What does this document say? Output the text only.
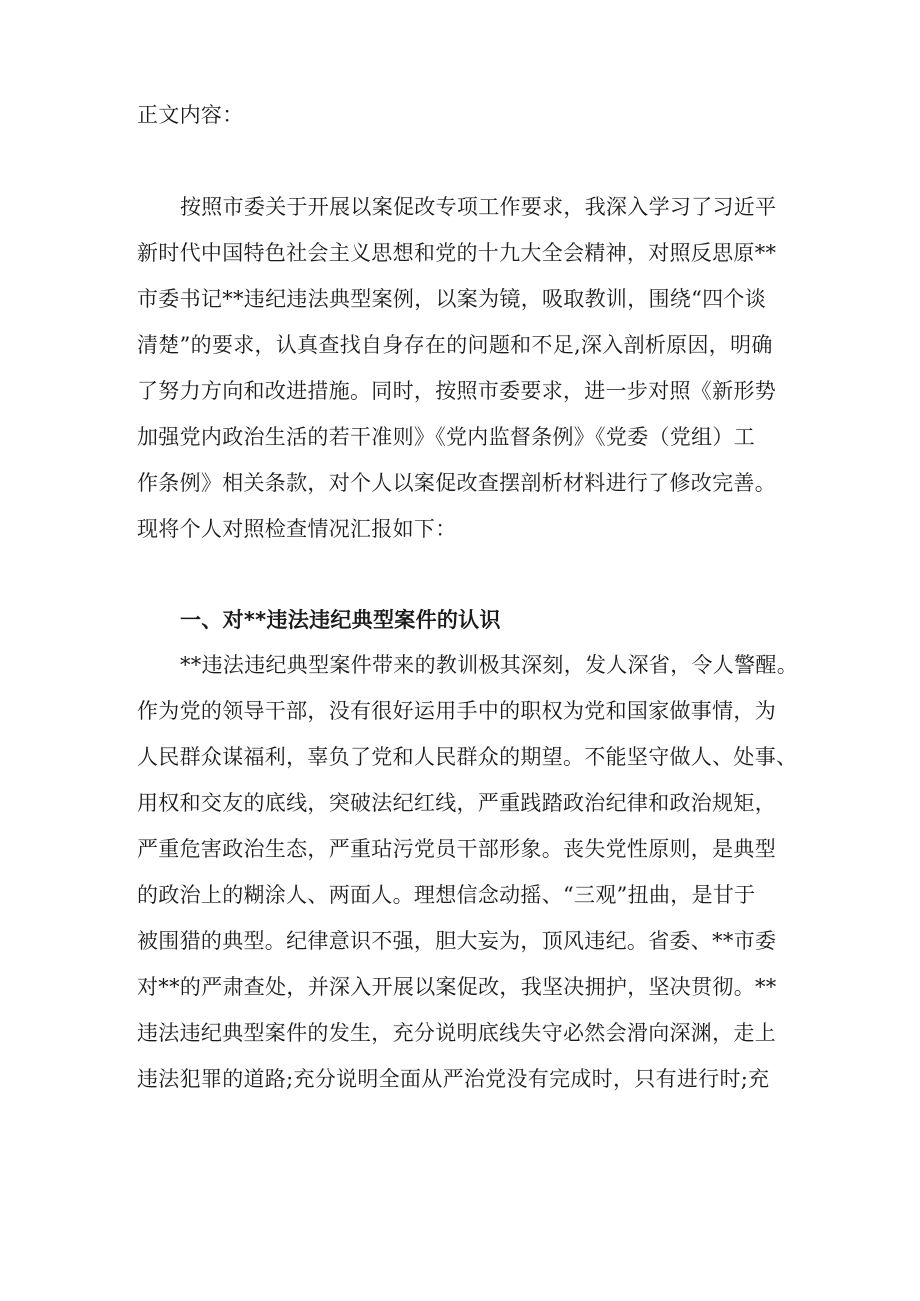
正文内容：
按照市委关于开展以案促改专项工作要求，我深入学习了习近平
新时代中国特色社会主义思想和党的十九大全会精神，对照反思原**
市委书记**违纪违法典型案例，以案为镜，吸取教训，围绕“四个谈
清楚”的要求，认真查找自身存在的问题和不足,深入剖析原因，明确
了努力方向和改进措施。同时，按照市委要求，进一步对照《新形势
加强党内政治生活的若干准则》《党内监督条例》《党委（党组）工
作条例》相关条款，对个人以案促改查摆剖析材料进行了修改完善。
现将个人对照检查情况汇报如下：
一、对**违法违纪典型案件的认识
**违法违纪典型案件带来的教训极其深刻，发人深省，令人警醒。
作为党的领导干部，没有很好运用手中的职权为党和国家做事情，为
人民群众谋福利，辜负了党和人民群众的期望。不能坚守做人、处事、
用权和交友的底线，突破法纪红线，严重践踏政治纪律和政治规矩，
严重危害政治生态，严重玷污党员干部形象。丧失党性原则，是典型
的政治上的糊涂人、两面人。理想信念动摇、“三观”扭曲，是甘于
被围猎的典型。纪律意识不强，胆大妄为，顶风违纪。省委、**市委
对**的严肃查处，并深入开展以案促改，我坚决拥护，坚决贯彻。**
违法违纪典型案件的发生，充分说明底线失守必然会滑向深渊，走上
违法犯罪的道路;充分说明全面从严治党没有完成时，只有进行时;充
